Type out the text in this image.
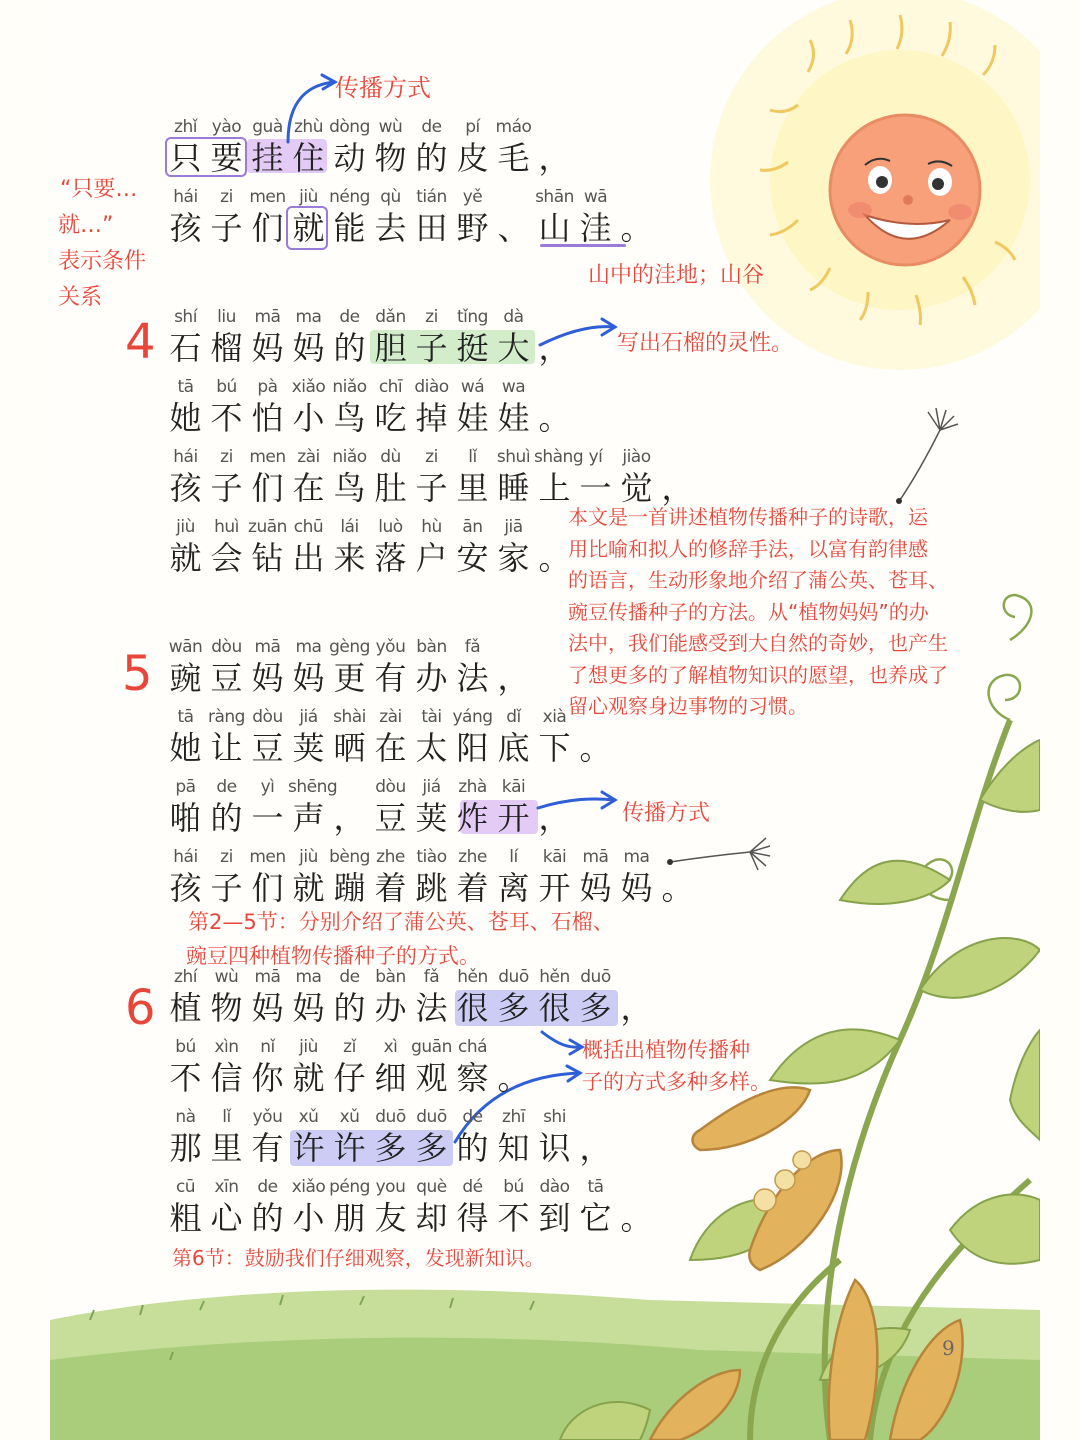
zhǐ
只
yào
要
guà
挂
zhù
住
dòng
动
wù
物
de
的
pí
皮
máo
毛 ，
hái
孩
zi
子
men
们
jiù
就
néng
能
qù
去
tián
田
yě
野 、
shān
山
wā
洼 。
shí
石
liu
榴
mā
妈
ma
妈
de
的
dǎn
胆
zi
子
tǐng
挺
dà
大 ，
tā
她
bú
不
pà
怕
xiǎo
小
niǎo
鸟
chī
吃
diào
掉
wá
娃
wa
娃 。
hái
孩
zi
子
men
们
zài
在
niǎo
鸟
dù
肚
zi
子
lǐ
里
shuì
睡
shàng
上
yí
一
jiào
觉 ，
jiù
就
huì
会
zuān
钻
chū
出
lái
来
luò
落
hù
户
ān
安
jiā
家 。
wān
豌
dòu
豆
mā
妈
ma
妈
gèng
更
yǒu
有
bàn
办
fǎ
法 ，
tā
她
ràng
让
dòu
豆
jiá
荚
shài
晒
zài
在
tài
太
yáng
阳
dǐ
底
xià
下 。
pā
啪
de
的
yì
一
shēng
声 ，
dòu
豆
jiá
荚
zhà
炸
kāi
开 ，
hái
孩
zi
子
men
们
jiù
就
bèng
蹦
zhe
着
tiào
跳
zhe
着
lí
离
kāi
开
mā
妈
ma
妈 。
zhí
植
wù
物
mā
妈
ma
妈
de
的
bàn
办
fǎ
法
hěn
很
duō
多
hěn
很
duō
多 ，
bú
不
xìn
信
nǐ
你
jiù
就
zǐ
仔
xì
细
guān
观
chá
察 。
nà
那
lǐ
里
yǒu
有
xǔ
许
xǔ
许
duō
多
duō
多
de
的
zhī
知
shi
识 ，
cū
粗
xīn
心
de
的
xiǎo
小
péng
朋
you
友
què
却
dé
得
bú
不
dào
到
tā
它 。
4
5
6
传播方式
“只要…
就…”
表示条件
关系
山中的洼地；山谷
写出石榴的灵性。
本文是一首讲述植物传播种子的诗歌，运
用比喻和拟人的修辞手法，以富有韵律感
的语言，生动形象地介绍了蒲公英、苍耳、
豌豆传播种子的方法。从“植物妈妈”的办
法中，我们能感受到大自然的奇妙，也产生
了想更多的了解植物知识的愿望，也养成了
留心观察身边事物的习惯。
传播方式
第2—5节：分别介绍了蒲公英、苍耳、石榴、
豌豆四种植物传播种子的方式。
概括出植物传播种
子的方式多种多样。
第6节：鼓励我们仔细观察，发现新知识。
9
